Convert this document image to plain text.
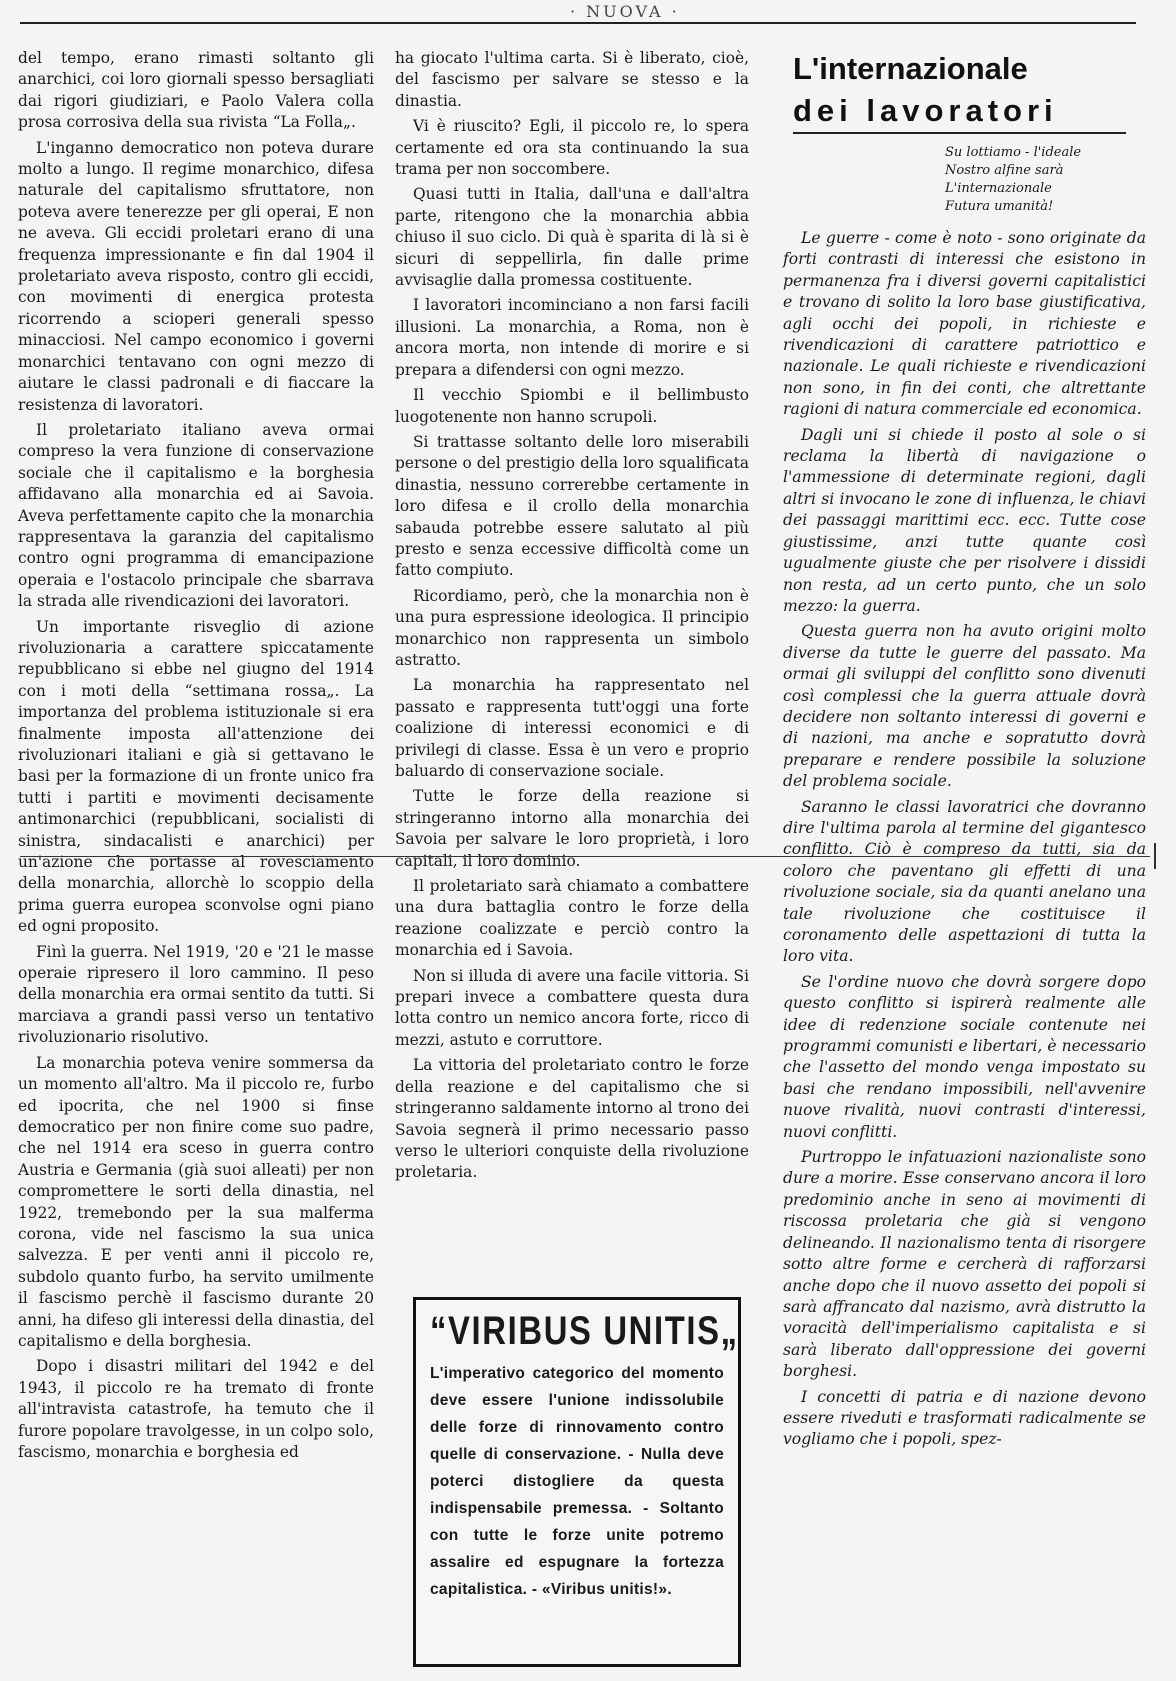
· NUOVA ·

del tempo, erano rimasti soltanto gli anarchici, coi loro giornali spesso bersagliati dai rigori giudiziari, e Paolo Valera colla prosa corrosiva della sua rivista “La Folla„.

L'inganno democratico non poteva durare molto a lungo. Il regime monarchico, difesa naturale del capitalismo sfruttatore, non poteva avere tenerezze per gli operai, E non ne aveva. Gli eccidi proletari erano di una frequenza impressionante e fin dal 1904 il proletariato aveva risposto, contro gli eccidi, con movimenti di energica protesta ricorrendo a scioperi generali spesso minacciosi. Nel campo economico i governi monarchici tentavano con ogni mezzo di aiutare le classi padronali e di fiaccare la resistenza di lavoratori.

Il proletariato italiano aveva ormai compreso la vera funzione di conservazione sociale che il capitalismo e la borghesia affidavano alla monarchia ed ai Savoia. Aveva perfettamente capito che la monarchia rappresentava la garanzia del capitalismo contro ogni programma di emancipazione operaia e l'ostacolo principale che sbarrava la strada alle rivendicazioni dei lavoratori.

Un importante risveglio di azione rivoluzionaria a carattere spiccatamente repubblicano si ebbe nel giugno del 1914 con i moti della “settimana rossa„. La importanza del problema istituzionale si era finalmente imposta all'attenzione dei rivoluzionari italiani e già si gettavano le basi per la formazione di un fronte unico fra tutti i partiti e movimenti decisamente antimonarchici (repubblicani, socialisti di sinistra, sindacalisti e anarchici) per un'azione che portasse al rovesciamento della monarchia, allorchè lo scoppio della prima guerra europea sconvolse ogni piano ed ogni proposito.

Finì la guerra. Nel 1919, '20 e '21 le masse operaie ripresero il loro cammino. Il peso della monarchia era ormai sentito da tutti. Si marciava a grandi passi verso un tentativo rivoluzionario risolutivo.

La monarchia poteva venire sommersa da un momento all'altro. Ma il piccolo re, furbo ed ipocrita, che nel 1900 si finse democratico per non finire come suo padre, che nel 1914 era sceso in guerra contro Austria e Germania (già suoi alleati) per non compromettere le sorti della dinastia, nel 1922, tremebondo per la sua malferma corona, vide nel fascismo la sua unica salvezza. E per venti anni il piccolo re, subdolo quanto furbo, ha servito umilmente il fascismo perchè il fascismo durante 20 anni, ha difeso gli interessi della dinastia, del capitalismo e della borghesia.

Dopo i disastri militari del 1942 e del 1943, il piccolo re ha tremato di fronte all'intravista catastrofe, ha temuto che il furore popolare travolgesse, in un colpo solo, fascismo, monarchia e borghesia ed

ha giocato l'ultima carta. Si è liberato, cioè, del fascismo per salvare se stesso e la dinastia.

Vi è riuscito? Egli, il piccolo re, lo spera certamente ed ora sta continuando la sua trama per non soccombere.

Quasi tutti in Italia, dall'una e dall'altra parte, ritengono che la monarchia abbia chiuso il suo ciclo. Di quà è sparita di là si è sicuri di seppellirla, fin dalle prime avvisaglie dalla promessa costituente.

I lavoratori incominciano a non farsi facili illusioni. La monarchia, a Roma, non è ancora morta, non intende di morire e si prepara a difendersi con ogni mezzo.

Il vecchio Spiombi e il bellimbusto luogotenente non hanno scrupoli.

Si trattasse soltanto delle loro miserabili persone o del prestigio della loro squalificata dinastia, nessuno correrebbe certamente in loro difesa e il crollo della monarchia sabauda potrebbe essere salutato al più presto e senza eccessive difficoltà come un fatto compiuto.

Ricordiamo, però, che la monarchia non è una pura espressione ideologica. Il principio monarchico non rappresenta un simbolo astratto.

La monarchia ha rappresentato nel passato e rappresenta tutt'oggi una forte coalizione di interessi economici e di privilegi di classe. Essa è un vero e proprio baluardo di conservazione sociale.

Tutte le forze della reazione si stringeranno intorno alla monarchia dei Savoia per salvare le loro proprietà, i loro capitali, il loro dominio.

Il proletariato sarà chiamato a combattere una dura battaglia contro le forze della reazione coalizzate e perciò contro la monarchia ed i Savoia.

Non si illuda di avere una facile vittoria. Si prepari invece a combattere questa dura lotta contro un nemico ancora forte, ricco di mezzi, astuto e corruttore.

La vittoria del proletariato contro le forze della reazione e del capitalismo che si stringeranno saldamente intorno al trono dei Savoia segnerà il primo necessario passo verso le ulteriori conquiste della rivoluzione proletaria.

L'internazionale
dei lavoratori
Su lottiamo - l'ideale
Nostro alfine sarà
L'internazionale
Futura umanità!

Le guerre - come è noto - sono originate da forti contrasti di interessi che esistono in permanenza fra i diversi governi capitalistici e trovano di solito la loro base giustificativa, agli occhi dei popoli, in richieste e rivendicazioni di carattere patriottico e nazionale. Le quali richieste e rivendicazioni non sono, in fin dei conti, che altrettante ragioni di natura commerciale ed economica.

Dagli uni si chiede il posto al sole o si reclama la libertà di navigazione o l'ammessione di determinate regioni, dagli altri si invocano le zone di influenza, le chiavi dei passaggi marittimi ecc. ecc. Tutte cose giustissime, anzi tutte quante così ugualmente giuste che per risolvere i dissidi non resta, ad un certo punto, che un solo mezzo: la guerra.

Questa guerra non ha avuto origini molto diverse da tutte le guerre del passato. Ma ormai gli sviluppi del conflitto sono divenuti così complessi che la guerra attuale dovrà decidere non soltanto interessi di governi e di nazioni, ma anche e sopratutto dovrà preparare e rendere possibile la soluzione del problema sociale.

Saranno le classi lavoratrici che dovranno dire l'ultima parola al termine del gigantesco conflitto. Ciò è compreso da tutti, sia da coloro che paventano gli effetti di una rivoluzione sociale, sia da quanti anelano una tale rivoluzione che costituisce il coronamento delle aspettazioni di tutta la loro vita.

Se l'ordine nuovo che dovrà sorgere dopo questo conflitto si ispirerà realmente alle idee di redenzione sociale contenute nei programmi comunisti e libertari, è necessario che l'assetto del mondo venga impostato su basi che rendano impossibili, nell'avvenire nuove rivalità, nuovi contrasti d'interessi, nuovi conflitti.

Purtroppo le infatuazioni nazionaliste sono dure a morire. Esse conservano ancora il loro predominio anche in seno ai movimenti di riscossa proletaria che già si vengono delineando. Il nazionalismo tenta di risorgere sotto altre forme e cercherà di rafforzarsi anche dopo che il nuovo assetto dei popoli si sarà affrancato dal nazismo, avrà distrutto la voracità dell'imperialismo capitalista e si sarà liberato dall'oppressione dei governi borghesi.

I concetti di patria e di nazione devono essere riveduti e trasformati radicalmente se vogliamo che i popoli, spez-

“VIRIBUS UNITIS„
L'imperativo categorico del momento deve essere l'unione indissolubile delle forze di rinnovamento contro quelle di conservazione. - Nulla deve poterci distogliere da questa indispensabile premessa. - Soltanto con tutte le forze unite potremo assalire ed espugnare la fortezza capitalistica. - «Viribus unitis!».
